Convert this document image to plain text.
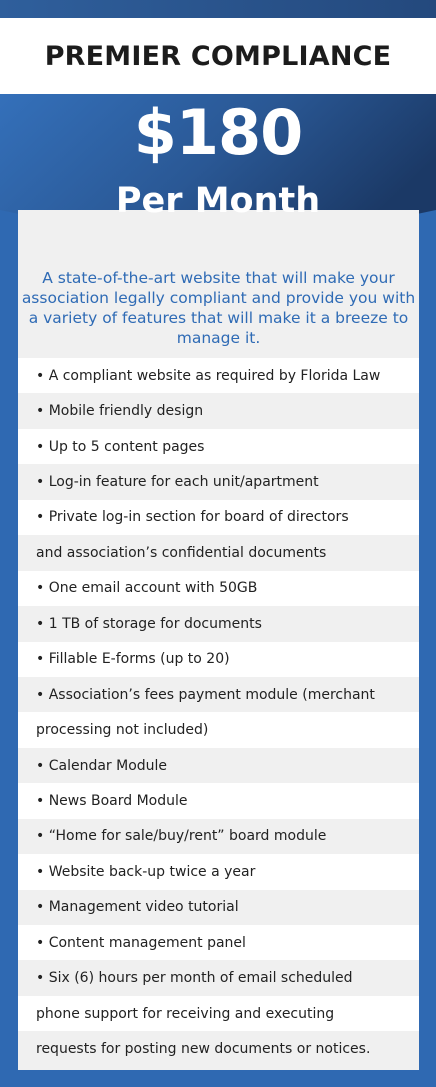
PREMIER COMPLIANCE
$180
Per Month
A state-of-the-art website that will make your association legally compliant and provide you with a variety of features that will make it a breeze to manage it.
• A compliant website as required by Florida Law
• Mobile friendly design
• Up to 5 content pages
• Log-in feature for each unit/apartment
• Private log-in section for board of directors
and association’s confidential documents
• One email account with 50GB
• 1 TB of storage for documents
• Fillable E-forms (up to 20)
• Association’s fees payment module (merchant
processing not included)
• Calendar Module
• News Board Module
• “Home for sale/buy/rent” board module
• Website back-up twice a year
• Management video tutorial
• Content management panel
• Six (6) hours per month of email scheduled
phone support for receiving and executing
requests for posting new documents or notices.
